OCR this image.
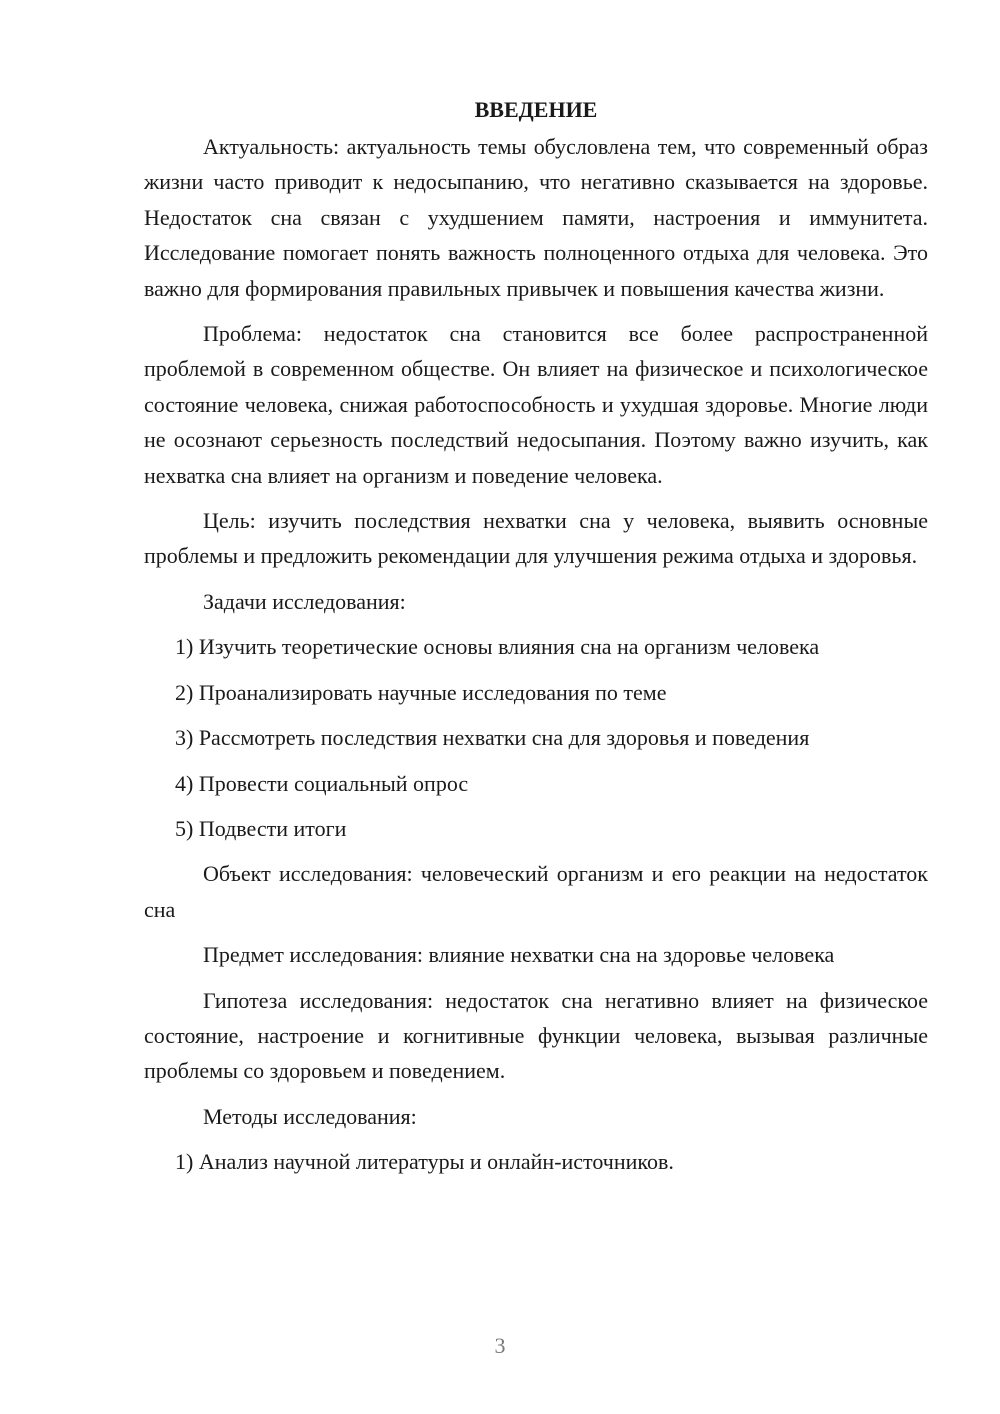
ВВЕДЕНИЕ

Актуальность: актуальность темы обусловлена тем, что современный образ жизни часто приводит к недосыпанию, что негативно сказывается на здоровье. Недостаток сна связан с ухудшением памяти, настроения и иммунитета. Исследование помогает понять важность полноценного отдыха для человека. Это важно для формирования правильных привычек и повышения качества жизни.

Проблема: недостаток сна становится все более распространенной проблемой в современном обществе. Он влияет на физическое и психологическое состояние человека, снижая работоспособность и ухудшая здоровье. Многие люди не осознают серьезность последствий недосыпания. Поэтому важно изучить, как нехватка сна влияет на организм и поведение человека.

Цель: изучить последствия нехватки сна у человека, выявить основные проблемы и предложить рекомендации для улучшения режима отдыха и здоровья.

Задачи исследования:

1) Изучить теоретические основы влияния сна на организм человека

2) Проанализировать научные исследования по теме

3) Рассмотреть последствия нехватки сна для здоровья и поведения

4) Провести социальный опрос

5) Подвести итоги

Объект исследования: человеческий организм и его реакции на недостаток сна

Предмет исследования: влияние нехватки сна на здоровье человека

Гипотеза исследования: недостаток сна негативно влияет на физическое состояние, настроение и когнитивные функции человека, вызывая различные проблемы со здоровьем и поведением.

Методы исследования:

1) Анализ научной литературы и онлайн-источников.

3
